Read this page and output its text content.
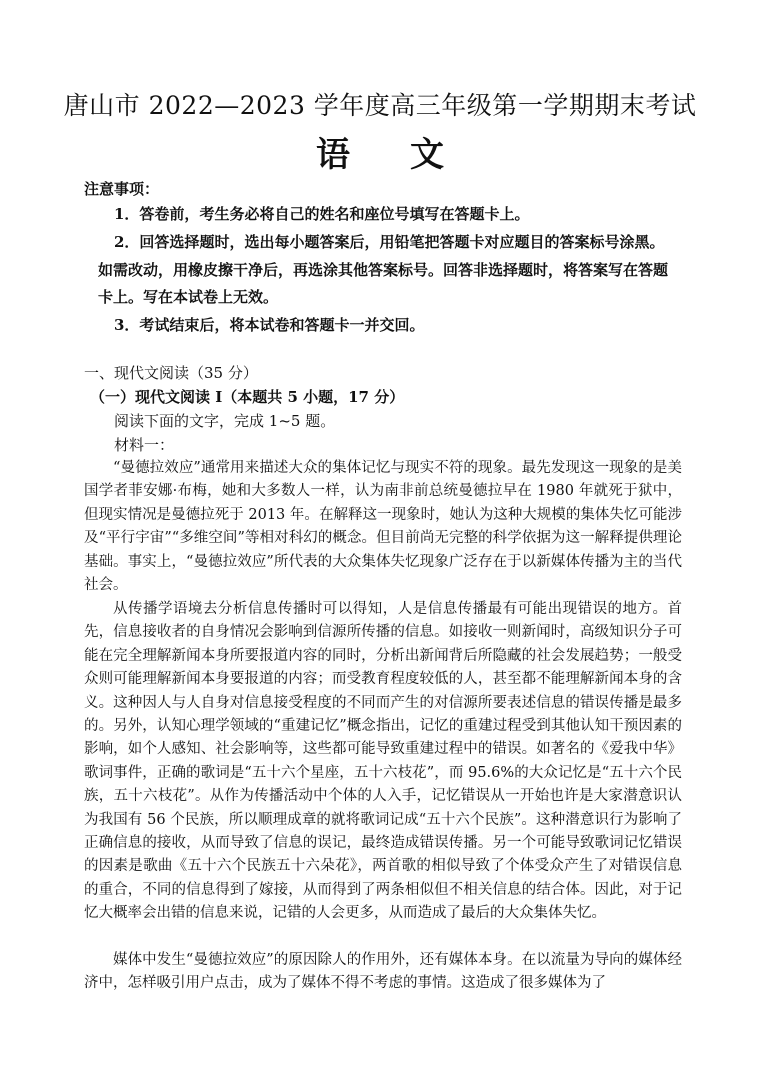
唐山市 2022—2023 学年度高三年级第一学期期末考试
语文
注意事项：
1．答卷前，考生务必将自己的姓名和座位号填写在答题卡上。
2．回答选择题时，选出每小题答案后，用铅笔把答题卡对应题目的答案标号涂黑。
如需改动，用橡皮擦干净后，再选涂其他答案标号。回答非选择题时，将答案写在答题
卡上。写在本试卷上无效。
3．考试结束后，将本试卷和答题卡一并交回。
一、现代文阅读（35 分）
（一）现代文阅读 I（本题共 5 小题，17 分）
阅读下面的文字，完成 1~5 题。
材料一：
“曼德拉效应”通常用来描述大众的集体记忆与现实不符的现象。最先发现这一现象的是美国学者菲安娜·布梅，她和大多数人一样，认为南非前总统曼德拉早在 1980 年就死于狱中，但现实情况是曼德拉死于 2013 年。在解释这一现象时，她认为这种大规模的集体失忆可能涉及“平行宇宙”“多维空间”等相对科幻的概念。但目前尚无完整的科学依据为这一解释提供理论基础。事实上，“曼德拉效应”所代表的大众集体失忆现象广泛存在于以新媒体传播为主的当代社会。
从传播学语境去分析信息传播时可以得知，人是信息传播最有可能出现错误的地方。首先，信息接收者的自身情况会影响到信源所传播的信息。如接收一则新闻时，高级知识分子可能在完全理解新闻本身所要报道内容的同时，分析出新闻背后所隐藏的社会发展趋势；一般受众则可能理解新闻本身要报道的内容；而受教育程度较低的人，甚至都不能理解新闻本身的含义。这种因人与人自身对信息接受程度的不同而产生的对信源所要表述信息的错误传播是最多的。另外，认知心理学领域的“重建记忆”概念指出，记忆的重建过程受到其他认知干预因素的影响，如个人感知、社会影响等，这些都可能导致重建过程中的错误。如著名的《爱我中华》歌词事件，正确的歌词是“五十六个星座，五十六枝花”，而 95.6%的大众记忆是“五十六个民族，五十六枝花”。从作为传播活动中个体的人入手，记忆错误从一开始也许是大家潜意识认为我国有 56 个民族，所以顺理成章的就将歌词记成“五十六个民族”。这种潜意识行为影响了正确信息的接收，从而导致了信息的误记，最终造成错误传播。另一个可能导致歌词记忆错误的因素是歌曲《五十六个民族五十六朵花》，两首歌的相似导致了个体受众产生了对错误信息的重合，不同的信息得到了嫁接，从而得到了两条相似但不相关信息的结合体。因此，对于记忆大概率会出错的信息来说，记错的人会更多，从而造成了最后的大众集体失忆。
媒体中发生“曼德拉效应”的原因除人的作用外，还有媒体本身。在以流量为导向的媒体经济中，怎样吸引用户点击，成为了媒体不得不考虑的事情。这造成了很多媒体为了
